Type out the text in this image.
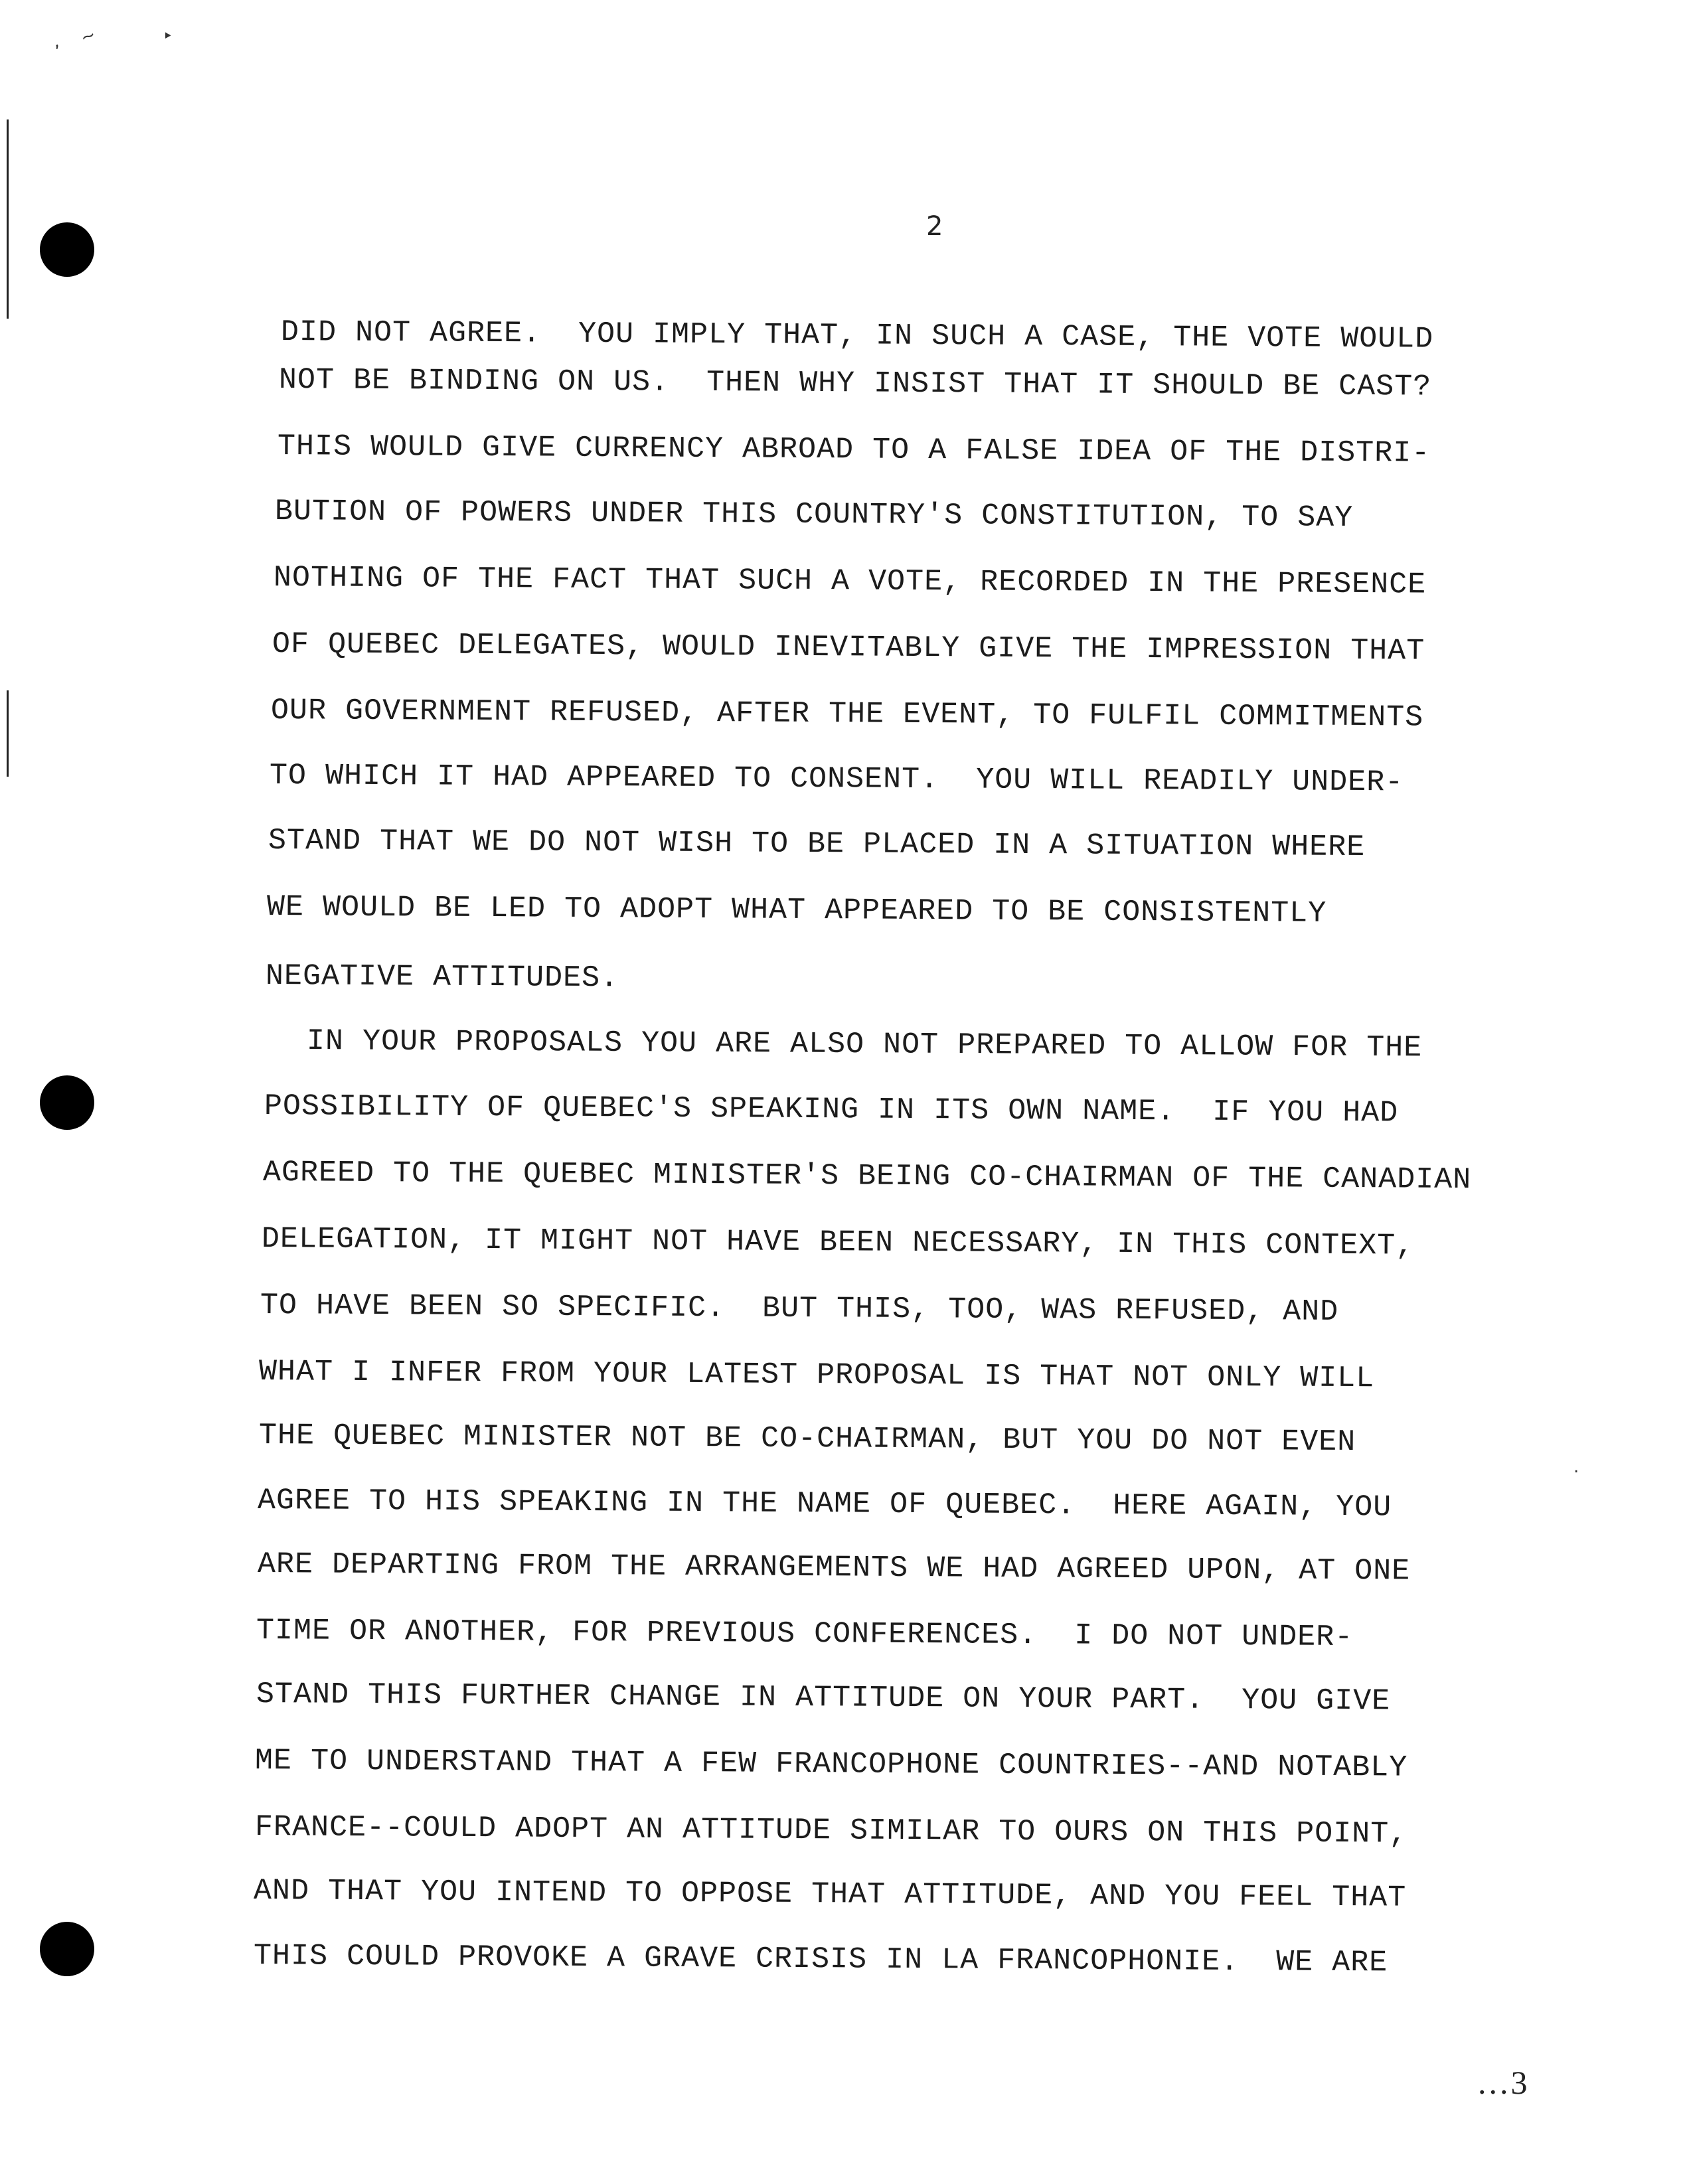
, ~	‣
.
2
DID NOT AGREE.  YOU IMPLY THAT, IN SUCH A CASE, THE VOTE WOULD
NOT BE BINDING ON US.  THEN WHY INSIST THAT IT SHOULD BE CAST?
THIS WOULD GIVE CURRENCY ABROAD TO A FALSE IDEA OF THE DISTRI-
BUTION OF POWERS UNDER THIS COUNTRY'S CONSTITUTION, TO SAY
NOTHING OF THE FACT THAT SUCH A VOTE, RECORDED IN THE PRESENCE
OF QUEBEC DELEGATES, WOULD INEVITABLY GIVE THE IMPRESSION THAT
OUR GOVERNMENT REFUSED, AFTER THE EVENT, TO FULFIL COMMITMENTS
TO WHICH IT HAD APPEARED TO CONSENT.  YOU WILL READILY UNDER-
STAND THAT WE DO NOT WISH TO BE PLACED IN A SITUATION WHERE
WE WOULD BE LED TO ADOPT WHAT APPEARED TO BE CONSISTENTLY
NEGATIVE ATTITUDES.
IN YOUR PROPOSALS YOU ARE ALSO NOT PREPARED TO ALLOW FOR THE
POSSIBILITY OF QUEBEC'S SPEAKING IN ITS OWN NAME.  IF YOU HAD
AGREED TO THE QUEBEC MINISTER'S BEING CO-CHAIRMAN OF THE CANADIAN
DELEGATION, IT MIGHT NOT HAVE BEEN NECESSARY, IN THIS CONTEXT,
TO HAVE BEEN SO SPECIFIC.  BUT THIS, TOO, WAS REFUSED, AND
WHAT I INFER FROM YOUR LATEST PROPOSAL IS THAT NOT ONLY WILL
THE QUEBEC MINISTER NOT BE CO-CHAIRMAN, BUT YOU DO NOT EVEN
AGREE TO HIS SPEAKING IN THE NAME OF QUEBEC.  HERE AGAIN, YOU
ARE DEPARTING FROM THE ARRANGEMENTS WE HAD AGREED UPON, AT ONE
TIME OR ANOTHER, FOR PREVIOUS CONFERENCES.  I DO NOT UNDER-
STAND THIS FURTHER CHANGE IN ATTITUDE ON YOUR PART.  YOU GIVE
ME TO UNDERSTAND THAT A FEW FRANCOPHONE COUNTRIES--AND NOTABLY
FRANCE--COULD ADOPT AN ATTITUDE SIMILAR TO OURS ON THIS POINT,
AND THAT YOU INTEND TO OPPOSE THAT ATTITUDE, AND YOU FEEL THAT
THIS COULD PROVOKE A GRAVE CRISIS IN LA FRANCOPHONIE.  WE ARE
...3
